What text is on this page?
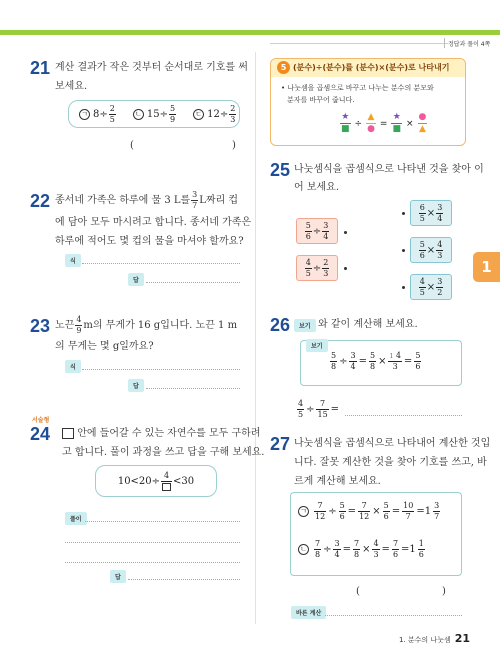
정답과 풀이 4쪽
1
21 계산 결과가 작은 것부터 순서대로 기호를 써
보세요.
ㄱ $8\div \frac{2}{5}$	ㄴ $15\div \frac{5}{9}$	ㄷ $12\div \frac{2}{3}$
(	)
22 종서네 가족은 하루에 물 3 L를 $\frac{3}{7}$ L짜리 컵
에 담아 모두 마시려고 합니다. 종서네 가족은
하루에 적어도 몇 컵의 물을 마셔야 할까요?
식
답
23 노끈 $\frac{4}{9}$ m의 무게가 16 g입니다. 노끈 1 m
의 무게는 몇 g일까요?
식
답
서술형
24	안에 들어갈 수 있는 자연수를 모두 구하려
고 합니다. 풀이 과정을 쓰고 답을 구해 보세요.
10<20÷
4
<30
풀이
답
5 (분수)÷(분수)를 (분수)×(분수)로 나타내기
• 나눗셈을 곱셈으로 바꾸고 나누는 분수의 분모와
분자를 바꾸어 줍니다.
$\frac{★}{■} \div \frac{▲}{●} = \frac{★}{■} \times \frac{●}{▲}$
25 나눗셈식을 곱셈식으로 나타낸 것을 찾아 이
어 보세요.
$\frac{5}{6} \div \frac{3}{4}$
$\frac{4}{5} \div \frac{2}{3}$
$\frac{6}{5} \times \frac{3}{4}$
$\frac{5}{6} \times \frac{4}{3}$
$\frac{4}{5} \times \frac{3}{2}$
26	보기 와 같이 계산해 보세요.
보기
$\frac{5}{8} \div \frac{3}{4} = \frac{5}{8} \times \frac{1 4}{3} = \frac{5}{6}$
$\frac{4}{5} \div \frac{7}{15}$ =
27 나눗셈식을 곱셈식으로 나타내어 계산한 것입
니다. 잘못 계산한 것을 찾아 기호를 쓰고, 바
르게 계산해 보세요.
ㄱ $\frac{7}{12} \div \frac{5}{6} = \frac{7}{12} \times \frac{5}{6} = \frac{10}{7} =1 \frac{3}{7}$
ㄴ $\frac{7}{8} \div \frac{3}{4} = \frac{7}{8} \times \frac{4}{3} = \frac{7}{6} =1 \frac{1}{6}$
(	)
바른 계산
1. 분수의 나눗셈 21
